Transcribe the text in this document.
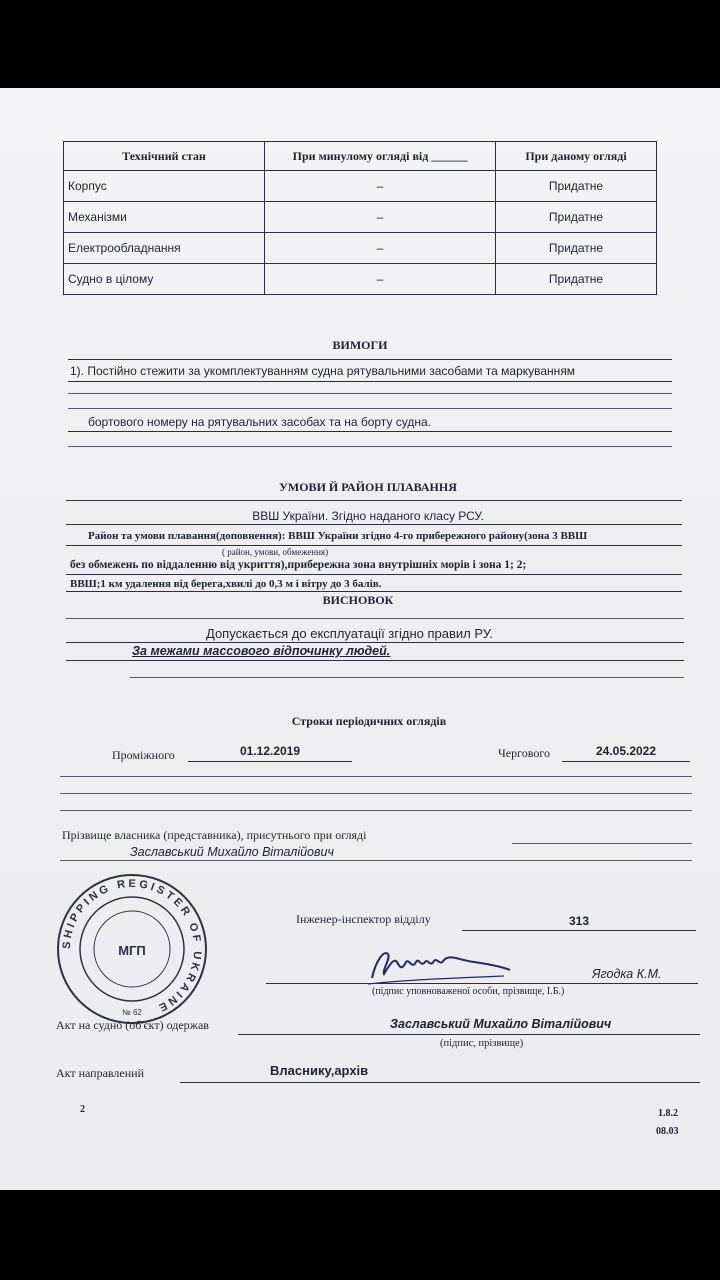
Технічний стан	При минулому огляді від ______	При даному огляді
Корпус	–	Придатне
Механізми	–	Придатне
Електрообладнання	–	Придатне
Судно в цілому	–	Придатне
ВИМОГИ
1). Постійно стежити за укомплектуванням судна рятувальними засобами та маркуванням
бортового номеру на рятувальних засобах та на борту судна.
УМОВИ Й РАЙОН ПЛАВАННЯ
ВВШ України. Згідно наданого класу РСУ.
Район та умови плавання(доповнення): ВВШ України згідно 4-го прибережного району(зона 3 ВВШ
( район, умови, обмеження)
без обмежень по віддаленню від укриття),прибережна зона внутрішніх морів і зона 1; 2;
ВВШ;1 км удалення від берега,хвилі до 0,3 м і вітру до 3 балів.
ВИСНОВОК
Допускається до експлуатації згідно правил РУ.
За межами массового відпочинку людей.
Строки періодичних оглядів
Проміжного	01.12.2019	Чергового	24.05.2022
Прізвище власника (представника), присутнього при огляді
Заславський Михайло Віталійович
SHIPPING REGISTER OF UKRAINE
МГП
№ 62
Інженер-інспектор відділу	313
Ягодка К.М.
(підпис уповноваженої особи, прізвище, І.Б.)
Акт на судно (об'єкт) одержав	Заславський Михайло Віталійович
(підпис, прізвище)
Акт направлений	Власнику,архів
2	1.8.2
08.03
